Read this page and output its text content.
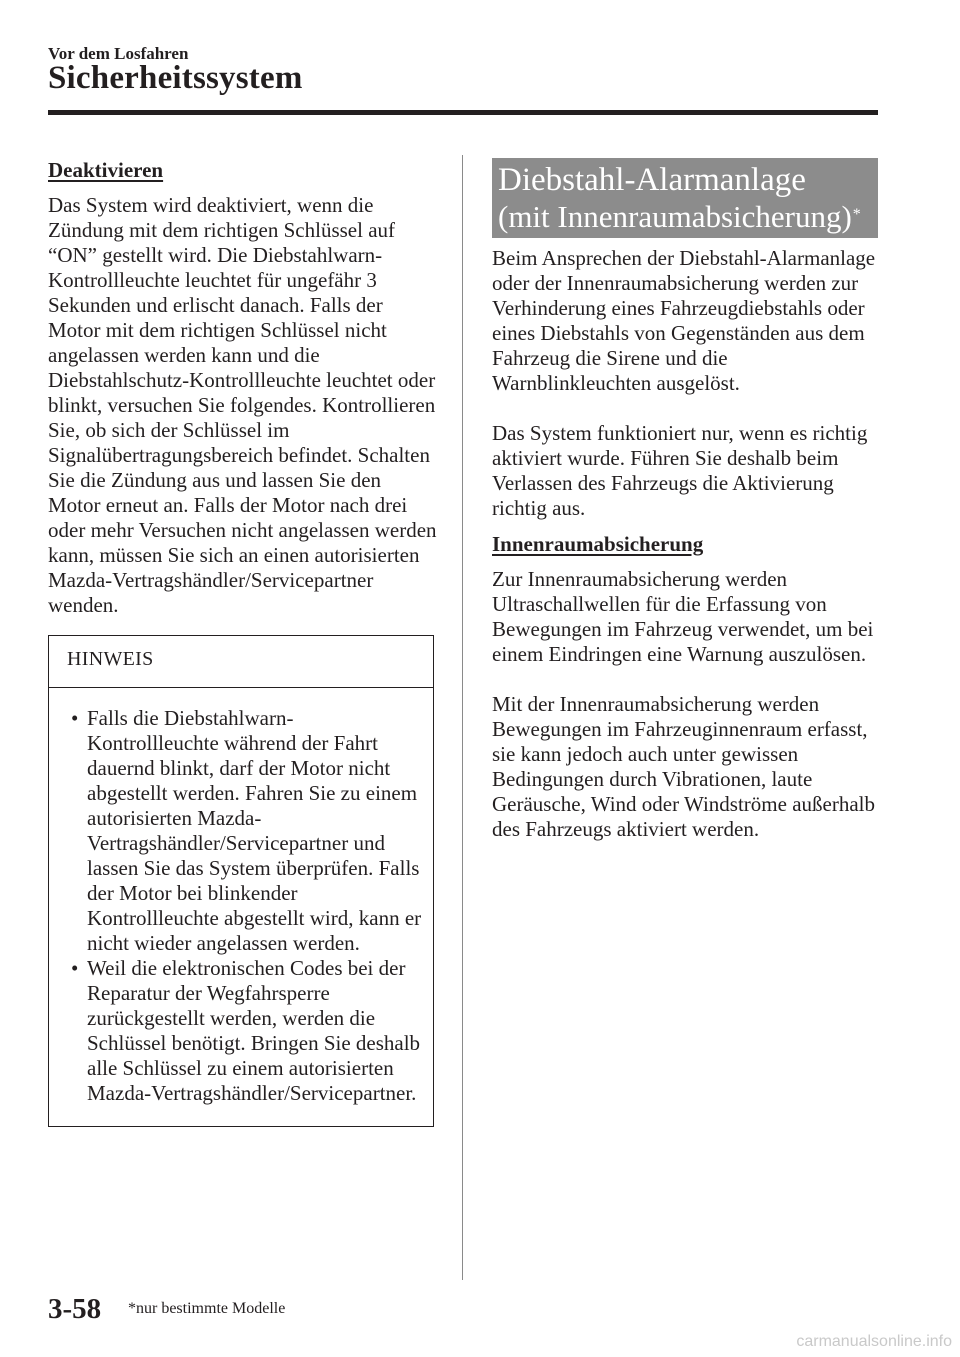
Vor dem Losfahren
Sicherheitssystem

Deaktivieren

Das System wird deaktiviert, wenn die Zündung mit dem richtigen Schlüssel auf “ON” gestellt wird. Die Diebstahlwarn-Kontrollleuchte leuchtet für ungefähr 3 Sekunden und erlischt danach. Falls der Motor mit dem richtigen Schlüssel nicht angelassen werden kann und die Diebstahlschutz-Kontrollleuchte leuchtet oder blinkt, versuchen Sie folgendes. Kontrollieren Sie, ob sich der Schlüssel im Signalübertragungsbereich befindet. Schalten Sie die Zündung aus und lassen Sie den Motor erneut an. Falls der Motor nach drei oder mehr Versuchen nicht angelassen werden kann, müssen Sie sich an einen autorisierten Mazda-Vertragshändler/Servicepartner wenden.

HINWEIS
• Falls die Diebstahlwarn-Kontrollleuchte während der Fahrt dauernd blinkt, darf der Motor nicht abgestellt werden. Fahren Sie zu einem autorisierten Mazda-Vertragshändler/Servicepartner und lassen Sie das System überprüfen. Falls der Motor bei blinkender Kontrollleuchte abgestellt wird, kann er nicht wieder angelassen werden.
• Weil die elektronischen Codes bei der Reparatur der Wegfahrsperre zurückgestellt werden, werden die Schlüssel benötigt. Bringen Sie deshalb alle Schlüssel zu einem autorisierten Mazda-Vertragshändler/Servicepartner.
Diebstahl-Alarmanlage
(mit Innenraumabsicherung)*

Beim Ansprechen der Diebstahl-Alarmanlage oder der Innenraumabsicherung werden zur Verhinderung eines Fahrzeugdiebstahls oder eines Diebstahls von Gegenständen aus dem Fahrzeug die Sirene und die Warnblinkleuchten ausgelöst.

Das System funktioniert nur, wenn es richtig aktiviert wurde. Führen Sie deshalb beim Verlassen des Fahrzeugs die Aktivierung richtig aus.

Innenraumabsicherung

Zur Innenraumabsicherung werden Ultraschallwellen für die Erfassung von Bewegungen im Fahrzeug verwendet, um bei einem Eindringen eine Warnung auszulösen.

Mit der Innenraumabsicherung werden Bewegungen im Fahrzeuginnenraum erfasst, sie kann jedoch auch unter gewissen Bedingungen durch Vibrationen, laute Geräusche, Wind oder Windströme außerhalb des Fahrzeugs aktiviert werden.

3-58 *nur bestimmte Modelle
carmanualsonline.info
